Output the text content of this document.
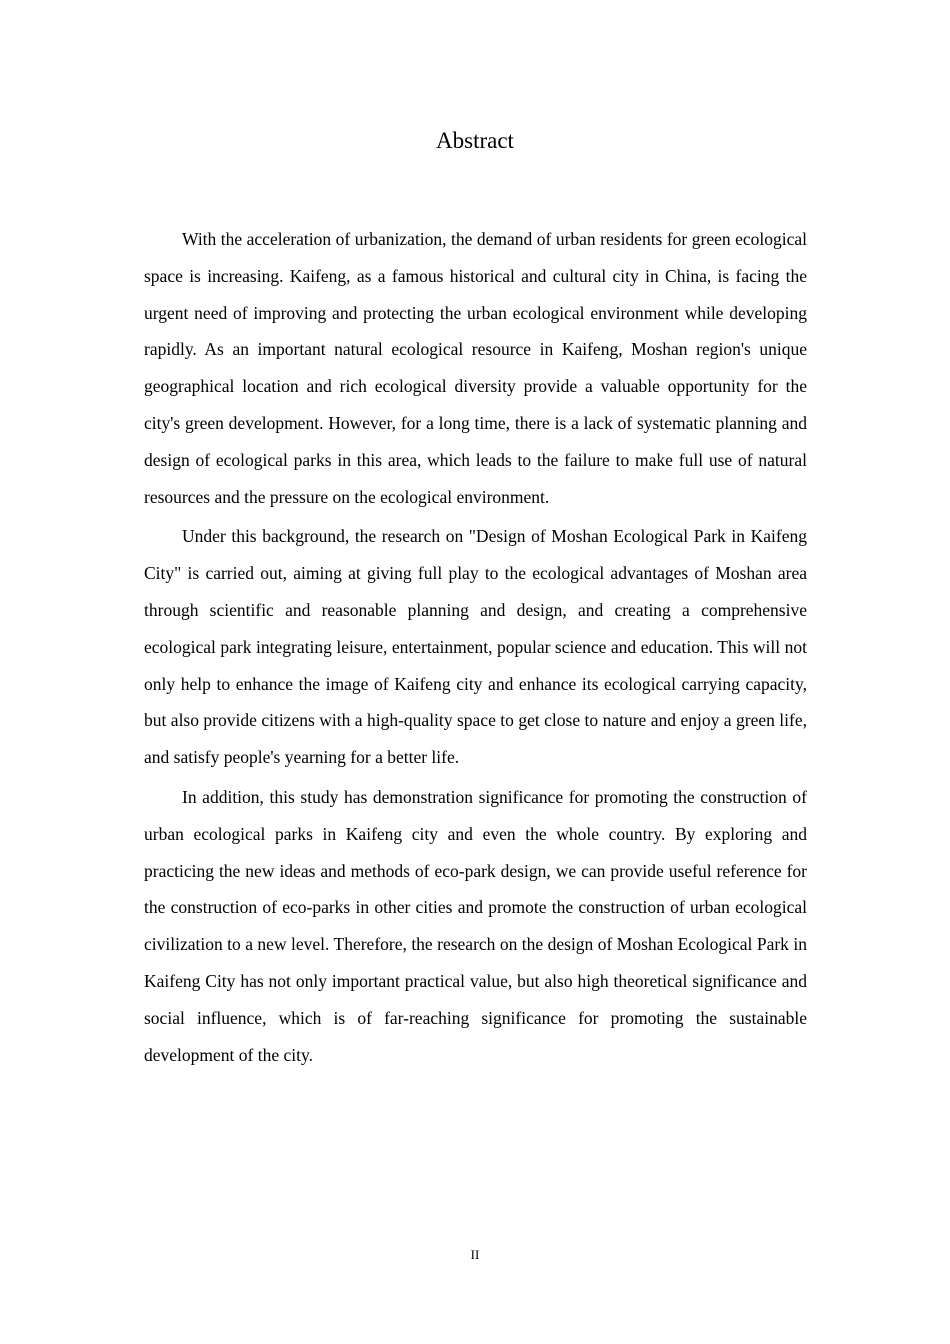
Abstract

With the acceleration of urbanization, the demand of urban residents for green ecological space is increasing. Kaifeng, as a famous historical and cultural city in China, is facing the urgent need of improving and protecting the urban ecological environment while developing rapidly. As an important natural ecological resource in Kaifeng, Moshan region's unique geographical location and rich ecological diversity provide a valuable opportunity for the city's green development. However, for a long time, there is a lack of systematic planning and design of ecological parks in this area, which leads to the failure to make full use of natural resources and the pressure on the ecological environment.

Under this background, the research on "Design of Moshan Ecological Park in Kaifeng City" is carried out, aiming at giving full play to the ecological advantages of Moshan area through scientific and reasonable planning and design, and creating a comprehensive ecological park integrating leisure, entertainment, popular science and education. This will not only help to enhance the image of Kaifeng city and enhance its ecological carrying capacity, but also provide citizens with a high-quality space to get close to nature and enjoy a green life, and satisfy people's yearning for a better life.

In addition, this study has demonstration significance for promoting the construction of urban ecological parks in Kaifeng city and even the whole country. By exploring and practicing the new ideas and methods of eco-park design, we can provide useful reference for the construction of eco-parks in other cities and promote the construction of urban ecological civilization to a new level. Therefore, the research on the design of Moshan Ecological Park in Kaifeng City has not only important practical value, but also high theoretical significance and social influence, which is of far-reaching significance for promoting the sustainable development of the city.

II
